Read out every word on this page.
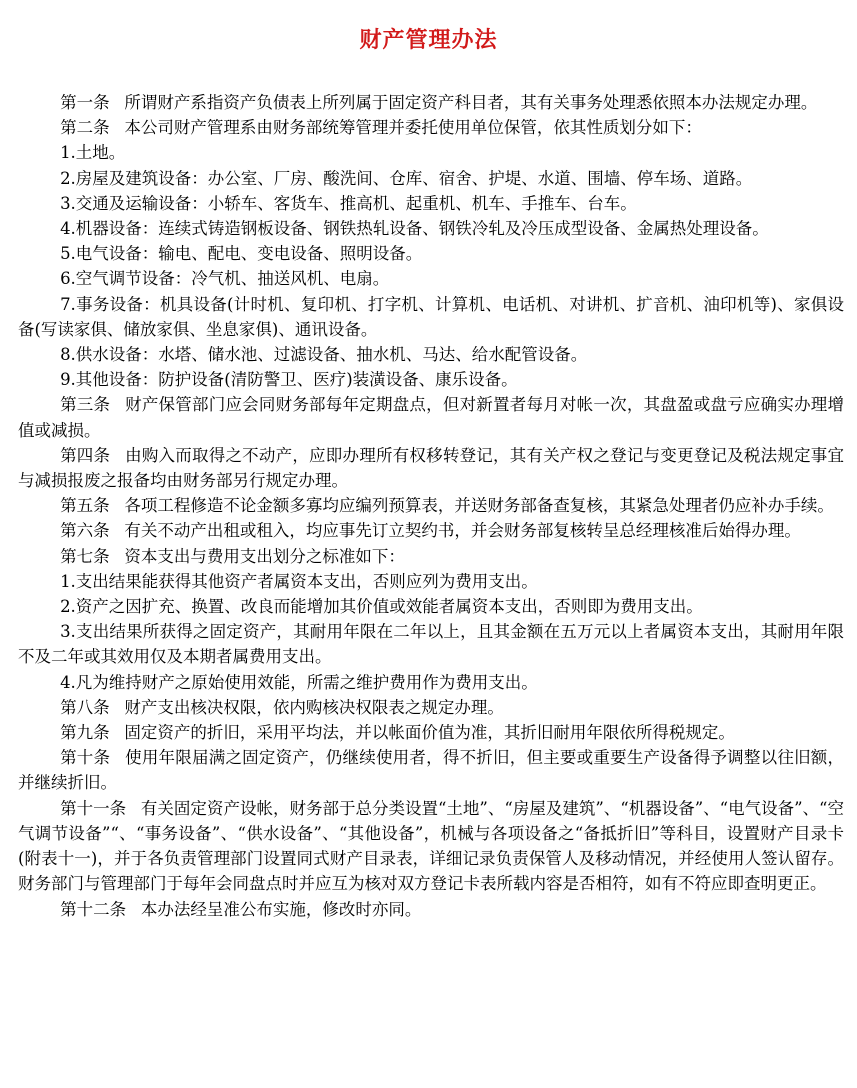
财产管理办法

第一条 所谓财产系指资产负债表上所列属于固定资产科目者，其有关事务处理悉依照本办法规定办理。

第二条 本公司财产管理系由财务部统筹管理并委托使用单位保管，依其性质划分如下：

1.土地。

2.房屋及建筑设备：办公室、厂房、酸洗间、仓库、宿舍、护堤、水道、围墙、停车场、道路。

3.交通及运输设备：小轿车、客货车、推高机、起重机、机车、手推车、台车。

4.机器设备：连续式铸造钢板设备、钢铁热轧设备、钢铁冷轧及冷压成型设备、金属热处理设备。

5.电气设备：输电、配电、变电设备、照明设备。

6.空气调节设备：冷气机、抽送风机、电扇。

7.事务设备：机具设备(计时机、复印机、打字机、计算机、电话机、对讲机、扩音机、油印机等)、家俱设备(写读家俱、储放家俱、坐息家俱)、通讯设备。

8.供水设备：水塔、储水池、过滤设备、抽水机、马达、给水配管设备。

9.其他设备：防护设备(清防警卫、医疗)装潢设备、康乐设备。

第三条 财产保管部门应会同财务部每年定期盘点，但对新置者每月对帐一次，其盘盈或盘亏应确实办理增值或减损。

第四条 由购入而取得之不动产，应即办理所有权移转登记，其有关产权之登记与变更登记及税法规定事宜与减损报废之报备均由财务部另行规定办理。

第五条 各项工程修造不论金额多寡均应编列预算表，并送财务部备查复核，其紧急处理者仍应补办手续。

第六条 有关不动产出租或租入，均应事先订立契约书，并会财务部复核转呈总经理核准后始得办理。

第七条 资本支出与费用支出划分之标准如下：

1.支出结果能获得其他资产者属资本支出，否则应列为费用支出。

2.资产之因扩充、换置、改良而能增加其价值或效能者属资本支出，否则即为费用支出。

3.支出结果所获得之固定资产，其耐用年限在二年以上，且其金额在五万元以上者属资本支出，其耐用年限不及二年或其效用仅及本期者属费用支出。

4.凡为维持财产之原始使用效能，所需之维护费用作为费用支出。

第八条 财产支出核决权限，依内购核决权限表之规定办理。

第九条 固定资产的折旧，采用平均法，并以帐面价值为准，其折旧耐用年限依所得税规定。

第十条 使用年限届满之固定资产，仍继续使用者，得不折旧，但主要或重要生产设备得予调整以往旧额，并继续折旧。

第十一条 有关固定资产设帐，财务部于总分类设置“土地”、“房屋及建筑”、“机器设备”、“电气设备”、“空气调节设备”“、“事务设备”、“供水设备”、“其他设备”，机械与各项设备之“备抵折旧”等科目，设置财产目录卡(附表十一)，并于各负责管理部门设置同式财产目录表，详细记录负责保管人及移动情况，并经使用人签认留存。财务部门与管理部门于每年会同盘点时并应互为核对双方登记卡表所载内容是否相符，如有不符应即查明更正。

第十二条 本办法经呈准公布实施，修改时亦同。
